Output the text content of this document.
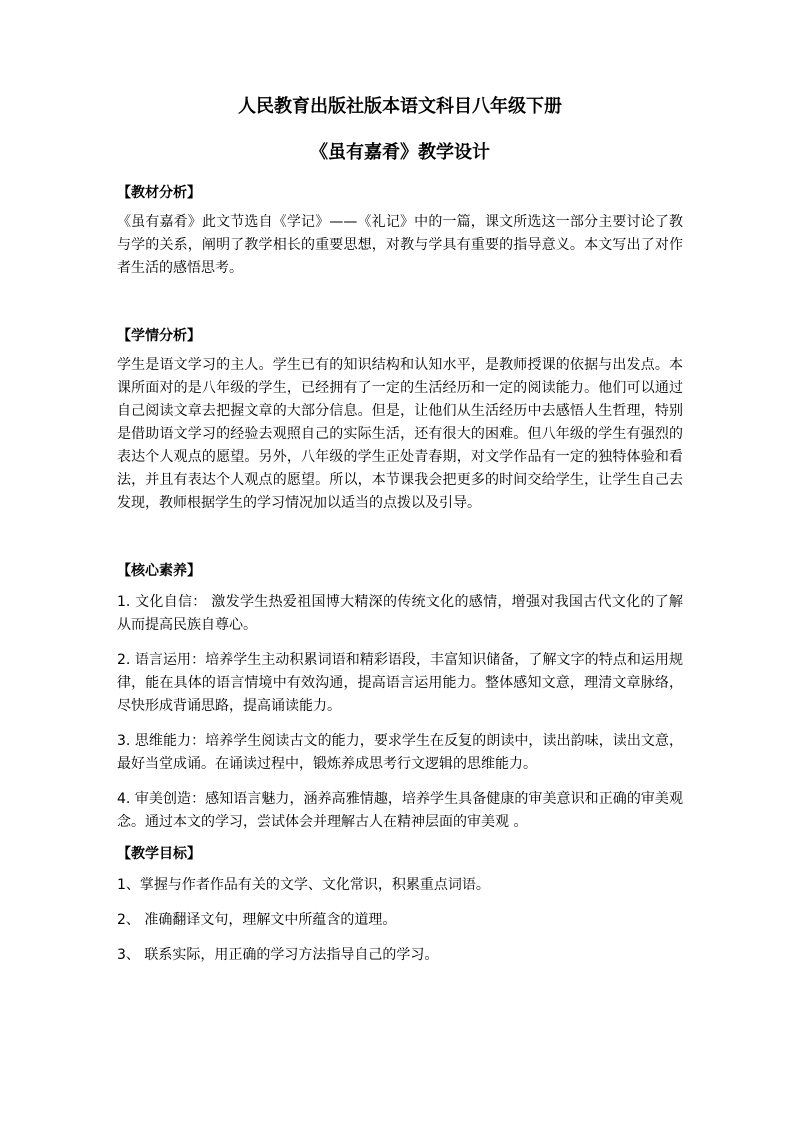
人民教育出版社版本语文科目八年级下册

《虽有嘉肴》教学设计

【教材分析】

《虽有嘉肴》此文节选自《学记》——《礼记》中的一篇，课文所选这一部分主要讨论了教与学的关系，阐明了教学相长的重要思想，对教与学具有重要的指导意义。本文写出了对作者生活的感悟思考。

【学情分析】

学生是语文学习的主人。学生已有的知识结构和认知水平，是教师授课的依据与出发点。本课所面对的是八年级的学生，已经拥有了一定的生活经历和一定的阅读能力。他们可以通过自己阅读文章去把握文章的大部分信息。但是，让他们从生活经历中去感悟人生哲理，特别是借助语文学习的经验去观照自己的实际生活，还有很大的困难。但八年级的学生有强烈的表达个人观点的愿望。另外，八年级的学生正处青春期，对文学作品有一定的独特体验和看法，并且有表达个人观点的愿望。所以，本节课我会把更多的时间交给学生，让学生自己去发现，教师根据学生的学习情况加以适当的点拨以及引导。

【核心素养】

1. 文化自信： 激发学生热爱祖国博大精深的传统文化的感情，增强对我国古代文化的了解从而提高民族自尊心。

2. 语言运用：培养学生主动积累词语和精彩语段，丰富知识储备，了解文字的特点和运用规律，能在具体的语言情境中有效沟通，提高语言运用能力。整体感知文意，理清文章脉络，尽快形成背诵思路，提高诵读能力。

3. 思维能力：培养学生阅读古文的能力，要求学生在反复的朗读中，读出韵味，读出文意，最好当堂成诵。在诵读过程中，锻炼养成思考行文逻辑的思维能力。

4. 审美创造：感知语言魅力，涵养高雅情趣，培养学生具备健康的审美意识和正确的审美观念。通过本文的学习，尝试体会并理解古人在精神层面的审美观 。

【教学目标】

1、掌握与作者作品有关的文学、文化常识，积累重点词语。

2、 准确翻译文句，理解文中所蕴含的道理。

3、 联系实际，用正确的学习方法指导自己的学习。
